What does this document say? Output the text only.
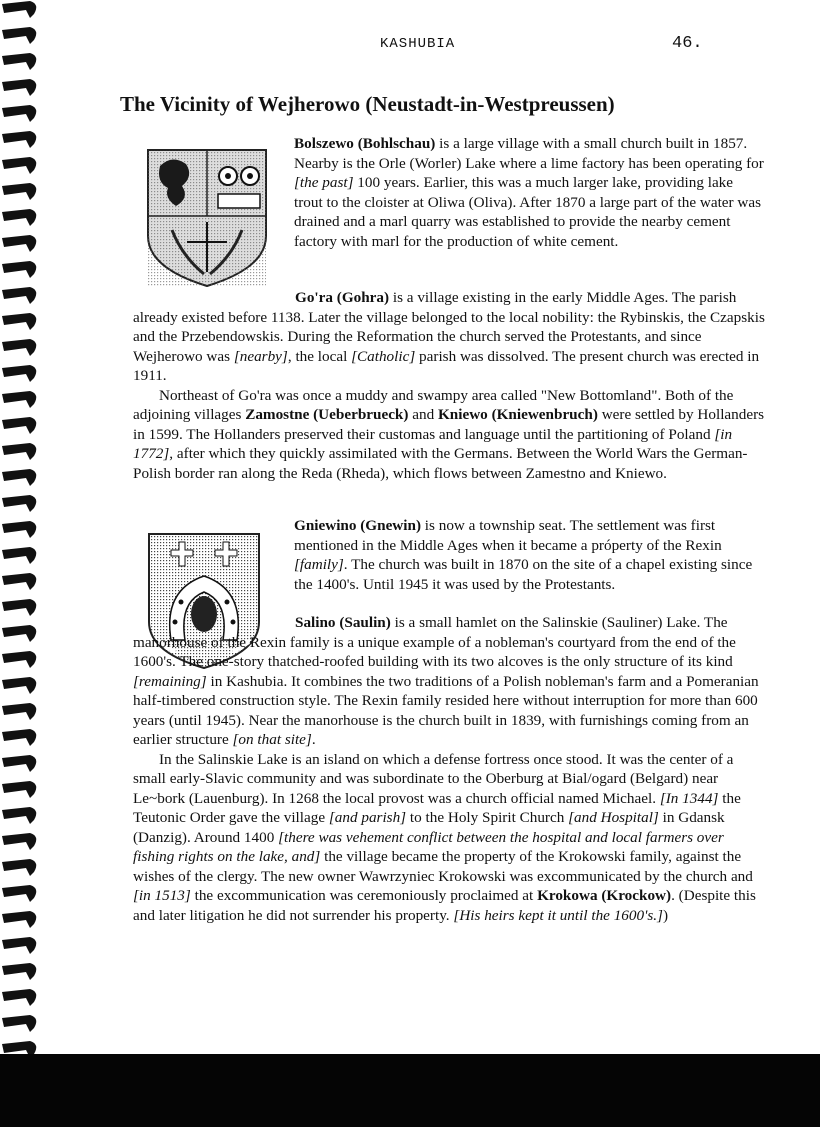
KASHUBIA	46.
The Vicinity of Wejherowo (Neustadt-in-Westpreussen)

Bolszewo (Bohlschau) is a large village with a small church built in 1857. Nearby is the Orle (Worler) Lake where a lime factory has been operating for [the past] 100 years. Earlier, this was a much larger lake, providing lake trout to the cloister at Oliwa (Oliva). After 1870 a large part of the water was drained and a marl quarry was established to provide the nearby cement factory with marl for the production of white cement.

Go'ra (Gohra) is a village existing in the early Middle Ages. The parish already existed before 1138. Later the village belonged to the local nobility: the Rybinskis, the Czapskis and the Przebendowskis. During the Reformation the church served the Protestants, and since Wejherowo was [nearby], the local [Catholic] parish was dissolved. The present church was erected in 1911.

Northeast of Go'ra was once a muddy and swampy area called "New Bottomland". Both of the adjoining villages Zamostne (Ueberbrueck) and Kniewo (Kniewenbruch) were settled by Hollanders in 1599. The Hollanders preserved their customas and language until the partitioning of Poland [in 1772], after which they quickly assimilated with the Germans. Between the World Wars the German-Polish border ran along the Reda (Rheda), which flows between Zamestno and Kniewo.

Gniewino (Gnewin) is now a township seat. The settlement was first mentioned in the Middle Ages when it became a próperty of the Rexin [family]. The church was built in 1870 on the site of a chapel existing since the 1400's. Until 1945 it was used by the Protestants.

Salino (Saulin) is a small hamlet on the Salinskie (Sauliner) Lake. The manorhouse of the Rexin family is a unique example of a nobleman's courtyard from the end of the 1600's. The one-story thatched-roofed building with its two alcoves is the only structure of its kind [remaining] in Kashubia. It combines the two traditions of a Polish nobleman's farm and a Pomeranian half-timbered construction style. The Rexin family resided here without interruption for more than 600 years (until 1945). Near the manorhouse is the church built in 1839, with furnishings coming from an earlier structure [on that site].

In the Salinskie Lake is an island on which a defense fortress once stood. It was the center of a small early-Slavic community and was subordinate to the Oberburg at Bial/ogard (Belgard) near Le~bork (Lauenburg). In 1268 the local provost was a church official named Michael. [In 1344] the Teutonic Order gave the village [and parish] to the Holy Spirit Church [and Hospital] in Gdansk (Danzig). Around 1400 [there was vehement conflict between the hospital and local farmers over fishing rights on the lake, and] the village became the property of the Krokowski family, against the wishes of the clergy. The new owner Wawrzyniec Krokowski was excommunicated by the church and [in 1513] the excommunication was ceremoniously proclaimed at Krokowa (Krockow). (Despite this and later litigation he did not surrender his property. [His heirs kept it until the 1600's.])
